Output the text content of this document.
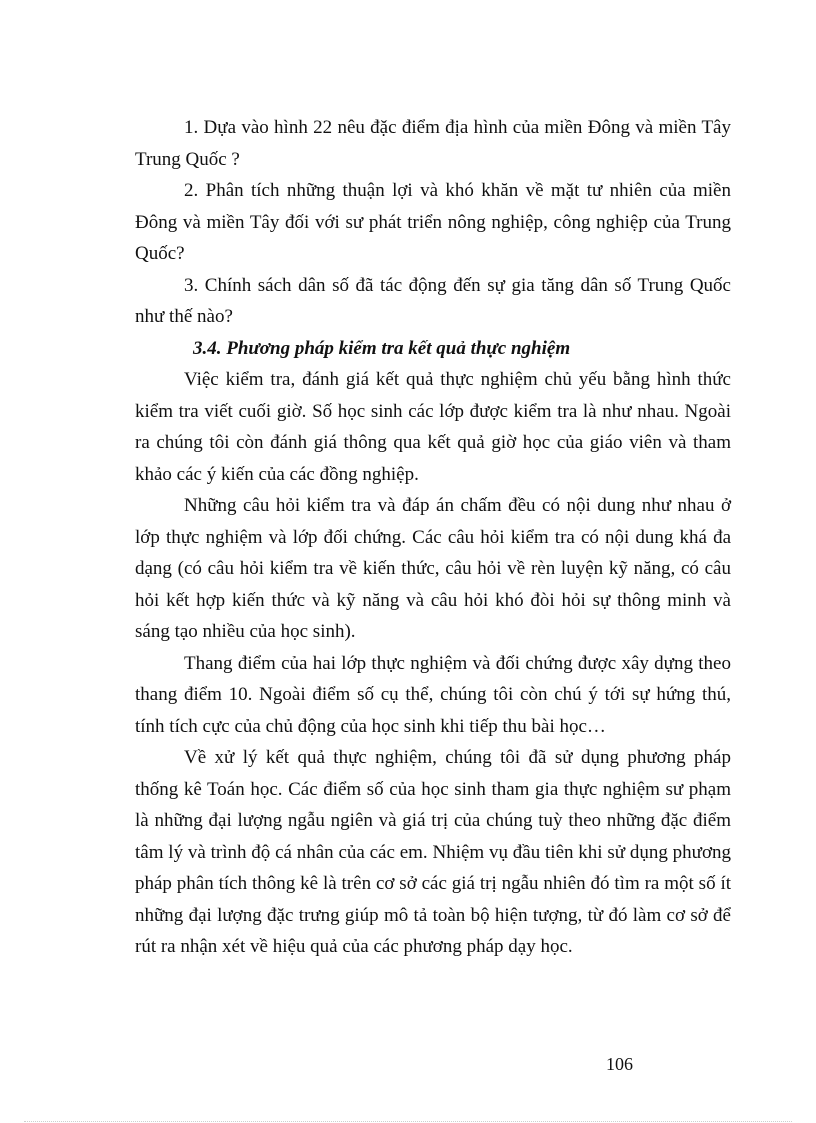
1. Dựa vào hình 22 nêu đặc điểm địa hình của miền Đông và miền Tây Trung Quốc ?

2. Phân tích những thuận lợi và khó khăn về mặt tư nhiên của miền Đông và miền Tây đối với sư phát triển nông nghiệp, công nghiệp của Trung Quốc?

3. Chính sách dân số đã tác động đến sự gia tăng dân số Trung Quốc như thế nào?

3.4. Phương pháp kiểm tra kết quả thực nghiệm

Việc kiểm tra, đánh giá kết quả thực nghiệm chủ yếu bằng hình thức kiểm tra viết cuối giờ. Số học sinh các lớp được kiểm tra là như nhau. Ngoài ra chúng tôi còn đánh giá thông qua kết quả giờ học của giáo viên và tham khảo các ý kiến của các đồng nghiệp.

Những câu hỏi kiểm tra và đáp án chấm đều có nội dung như nhau ở lớp thực nghiệm và lớp đối chứng. Các câu hỏi kiểm tra có nội dung khá đa dạng (có câu hỏi kiểm tra về kiến thức, câu hỏi về rèn luyện kỹ năng, có câu hỏi kết hợp kiến thức và kỹ năng và câu hỏi khó đòi hỏi sự thông minh và sáng tạo nhiều của học sinh).

Thang điểm của hai lớp thực nghiệm và đối chứng được xây dựng theo thang điểm 10. Ngoài điểm số cụ thể, chúng tôi còn chú ý tới sự hứng thú, tính tích cực của chủ động của học sinh khi tiếp thu bài học…

Về xử lý kết quả thực nghiệm, chúng tôi đã sử dụng phương pháp thống kê Toán học. Các điểm số của học sinh tham gia thực nghiệm sư phạm là những đại lượng ngẫu ngiên và giá trị của chúng tuỳ theo những đặc điểm tâm lý và trình độ cá nhân của các em. Nhiệm vụ đầu tiên khi sử dụng phương pháp phân tích thông kê là trên cơ sở các giá trị ngẫu nhiên đó tìm ra một số ít những đại lượng đặc trưng giúp mô tả toàn bộ hiện tượng, từ đó làm cơ sở để rút ra nhận xét về hiệu quả của các phương pháp dạy học.

106
